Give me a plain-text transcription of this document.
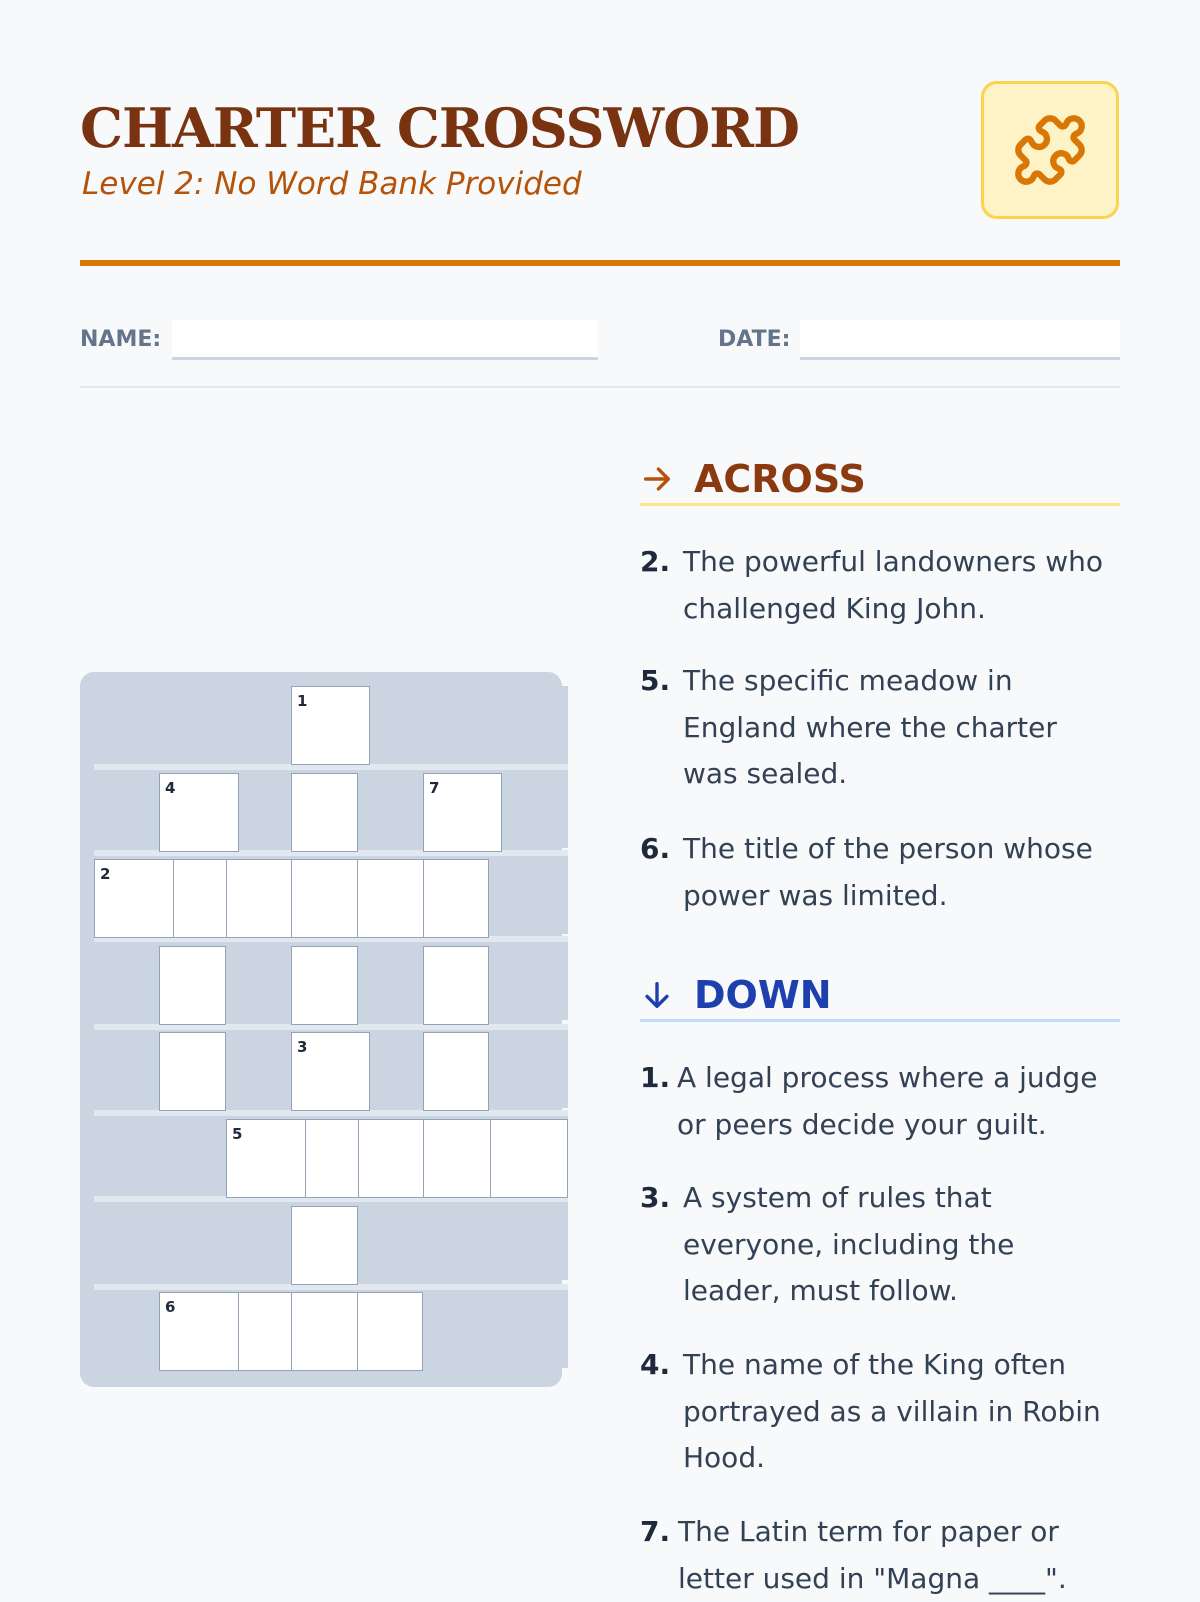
CHARTER CROSSWORD
Level 2: No Word Bank Provided
NAME:	DATE:
1
4	7
2
3
5
6
ACROSS
2. The powerful landowners who challenged King John.
5. The specific meadow in England where the charter was sealed.
6. The title of the person whose power was limited.
DOWN
1. A legal process where a judge or peers decide your guilt.
3. A system of rules that everyone, including the leader, must follow.
4. The name of the King often portrayed as a villain in Robin Hood.
7. The Latin term for paper or letter used in "Magna ____".
